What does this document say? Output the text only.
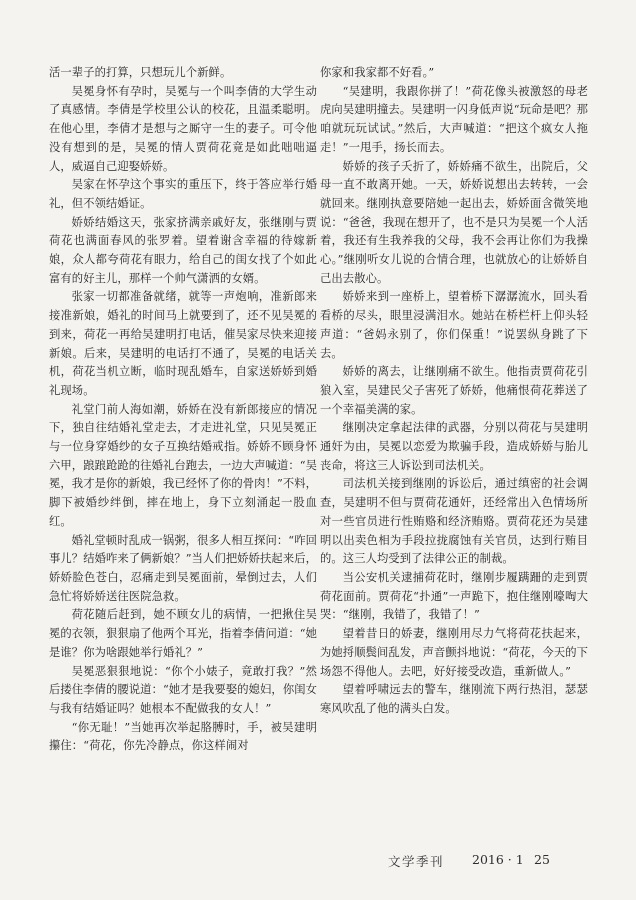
活一辈子的打算，只想玩儿个新鲜。

吴冕身怀有孕时，吴冕与一个叫李倩的大学生动了真感情。李倩是学校里公认的校花，且温柔聪明。在他心里，李倩才是想与之厮守一生的妻子。可令他没有想到的是，吴冕的情人贾荷花竟是如此咄咄逼人，威逼自己迎娶娇娇。

吴家在怀孕这个事实的重压下，终于答应举行婚礼，但不领结婚证。

娇娇结婚这天，张家挤满亲戚好友，张继刚与贾荷花也满面春风的张罗着。望着谢含幸福的待嫁新娘，众人都夸荷花有眼力，给自己的闺女找了个如此富有的好主儿，那样一个帅气潇洒的女婿。

张家一切都准备就绪，就等一声炮响，准新郎来接准新娘，婚礼的时间马上就要到了，还不见吴冕的到来，荷花一再给吴建明打电话，催吴家尽快来迎接新娘。后来，吴建明的电话打不通了，吴冕的电话关机，荷花当机立断，临时现乱婚车，自家送娇娇到婚礼现场。

礼堂门前人海如潮，娇娇在没有新郎接应的情况下，独自往结婚礼堂走去，才走进礼堂，只见吴冕正与一位身穿婚纱的女子互换结婚戒指。娇娇不顾身怀六甲，踉踉跄跄的往婚礼台跑去，一边大声喊道：“吴冕，我才是你的新娘，我已经怀了你的骨肉！”不料，脚下被婚纱绊倒，摔在地上，身下立刻涌起一股血红。

婚礼堂顿时乱成一锅粥，很多人相互探问：“咋回事儿？结婚咋来了俩新娘？”当人们把娇娇扶起来后，娇娇脸色苍白，忍痛走到吴冕面前，晕倒过去，人们急忙将娇娇送往医院急救。

荷花随后赶到，她不顾女儿的病情，一把揪住吴冕的衣领，狠狠扇了他两个耳光，指着李倩问道：“她是谁？你为啥跟她举行婚礼？”

吴冕恶狠狠地说：“你个小婊子，竟敢打我？”然后搂住李倩的腰说道：“她才是我要娶的媳妇，你闺女与我有结婚证吗？她根本不配做我的女人！”

“你无耻！”当她再次举起胳膊时，手，被吴建明攥住：“荷花，你先冷静点，你这样闹对

你家和我家都不好看。”

“吴建明，我跟你拼了！”荷花像头被激怒的母老虎向吴建明撞去。吴建明一闪身低声说“玩命是吧？那咱就玩玩试试。”然后，大声喊道：“把这个疯女人拖走！”一甩手，扬长而去。

娇娇的孩子夭折了，娇娇痛不欲生，出院后，父母一直不敢离开她。一天，娇娇说想出去转转，一会就回来。继刚执意要陪她一起出去，娇娇面含微笑地说：“爸爸，我现在想开了，也不是只为吴冕一个人活着，我还有生我养我的父母，我不会再让你们为我操心。”继刚听女儿说的合情合理，也就放心的让娇娇自己出去散心。

娇娇来到一座桥上，望着桥下潺潺流水，回头看看桥的尽头，眼里浸满泪水。她站在桥栏杆上仰头轻声道：“爸妈永别了，你们保重！”说罢纵身跳了下去。

娇娇的离去，让继刚痛不欲生。他指责贾荷花引狼入室，吴建民父子害死了娇娇，他痛恨荷花葬送了一个幸福美满的家。

继刚决定拿起法律的武器，分别以荷花与吴建明通奸为由，吴冕以恋爱为欺骗手段，造成娇娇与胎儿丧命，将这三人诉讼到司法机关。

司法机关接到继刚的诉讼后，通过缜密的社会调查，吴建明不但与贾荷花通奸，还经常出入色情场所对一些官员进行性贿赂和经济贿赂。贾荷花还为吴建明以出卖色相为手段拉拢腐蚀有关官员，达到行贿目的。这三人均受到了法律公正的制裁。

当公安机关逮捕荷花时，继刚步履蹒跚的走到贾荷花面前。贾荷花“扑通”一声跪下，抱住继刚嚎啕大哭：“继刚，我错了，我错了！”

望着昔日的娇妻，继刚用尽力气将荷花扶起来，为她捋顺鬓间乱发，声音颤抖地说：“荷花，今天的下场怨不得他人。去吧，好好接受改造，重新做人。”

望着呼啸远去的警车，继刚流下两行热泪，瑟瑟寒风吹乱了他的满头白发。

文学季刊 2016 · 1 25
